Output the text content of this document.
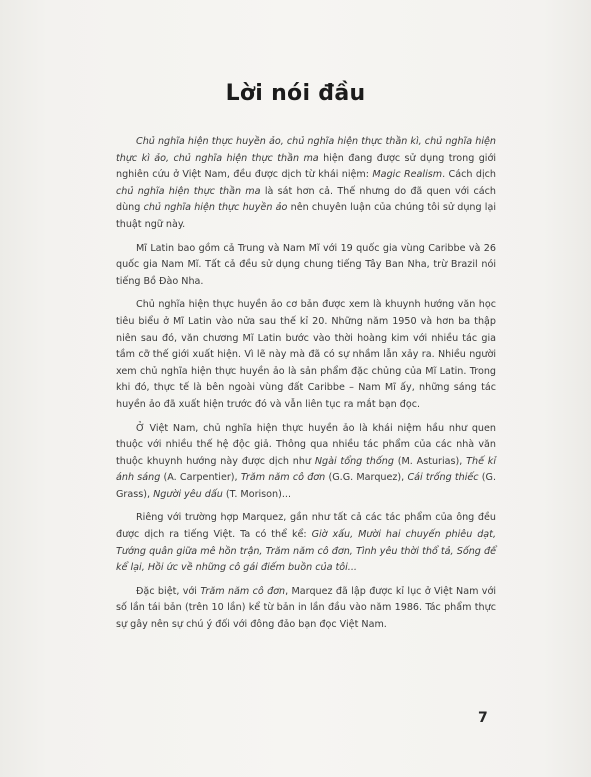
Lời nói đầu

Chủ nghĩa hiện thực huyền ảo, chủ nghĩa hiện thực thần kì, chủ nghĩa hiện thực kì ảo, chủ nghĩa hiện thực thần ma hiện đang được sử dụng trong giới nghiên cứu ở Việt Nam, đều được dịch từ khái niệm: Magic Realism. Cách dịch chủ nghĩa hiện thực thần ma là sát hơn cả. Thế nhưng do đã quen với cách dùng chủ nghĩa hiện thực huyền ảo nên chuyên luận của chúng tôi sử dụng lại thuật ngữ này.

Mĩ Latin bao gồm cả Trung và Nam Mĩ với 19 quốc gia vùng Caribbe và 26 quốc gia Nam Mĩ. Tất cả đều sử dụng chung tiếng Tây Ban Nha, trừ Brazil nói tiếng Bồ Đào Nha.

Chủ nghĩa hiện thực huyền ảo cơ bản được xem là khuynh hướng văn học tiêu biểu ở Mĩ Latin vào nửa sau thế kỉ 20. Những năm 1950 và hơn ba thập niên sau đó, văn chương Mĩ Latin bước vào thời hoàng kim với nhiều tác gia tầm cỡ thế giới xuất hiện. Vì lẽ này mà đã có sự nhầm lẫn xảy ra. Nhiều người xem chủ nghĩa hiện thực huyền ảo là sản phẩm đặc chủng của Mĩ Latin. Trong khi đó, thực tế là bên ngoài vùng đất Caribbe – Nam Mĩ ấy, những sáng tác huyền ảo đã xuất hiện trước đó và vẫn liên tục ra mắt bạn đọc.

Ở Việt Nam, chủ nghĩa hiện thực huyền ảo là khái niệm hầu như quen thuộc với nhiều thế hệ độc giả. Thông qua nhiều tác phẩm của các nhà văn thuộc khuynh hướng này được dịch như Ngài tổng thống (M. Asturias), Thế kỉ ánh sáng (A. Carpentier), Trăm năm cô đơn (G.G. Marquez), Cái trống thiếc (G. Grass), Người yêu dấu (T. Morison)...

Riêng với trường hợp Marquez, gần như tất cả các tác phẩm của ông đều được dịch ra tiếng Việt. Ta có thể kể: Giờ xấu, Mười hai chuyến phiêu dạt, Tướng quân giữa mê hồn trận, Trăm năm cô đơn, Tình yêu thời thổ tả, Sống để kể lại, Hồi ức về những cô gái điếm buồn của tôi...

Đặc biệt, với Trăm năm cô đơn, Marquez đã lập được kỉ lục ở Việt Nam với số lần tái bản (trên 10 lần) kể từ bản in lần đầu vào năm 1986. Tác phẩm thực sự gây nên sự chú ý đối với đông đảo bạn đọc Việt Nam.

7
